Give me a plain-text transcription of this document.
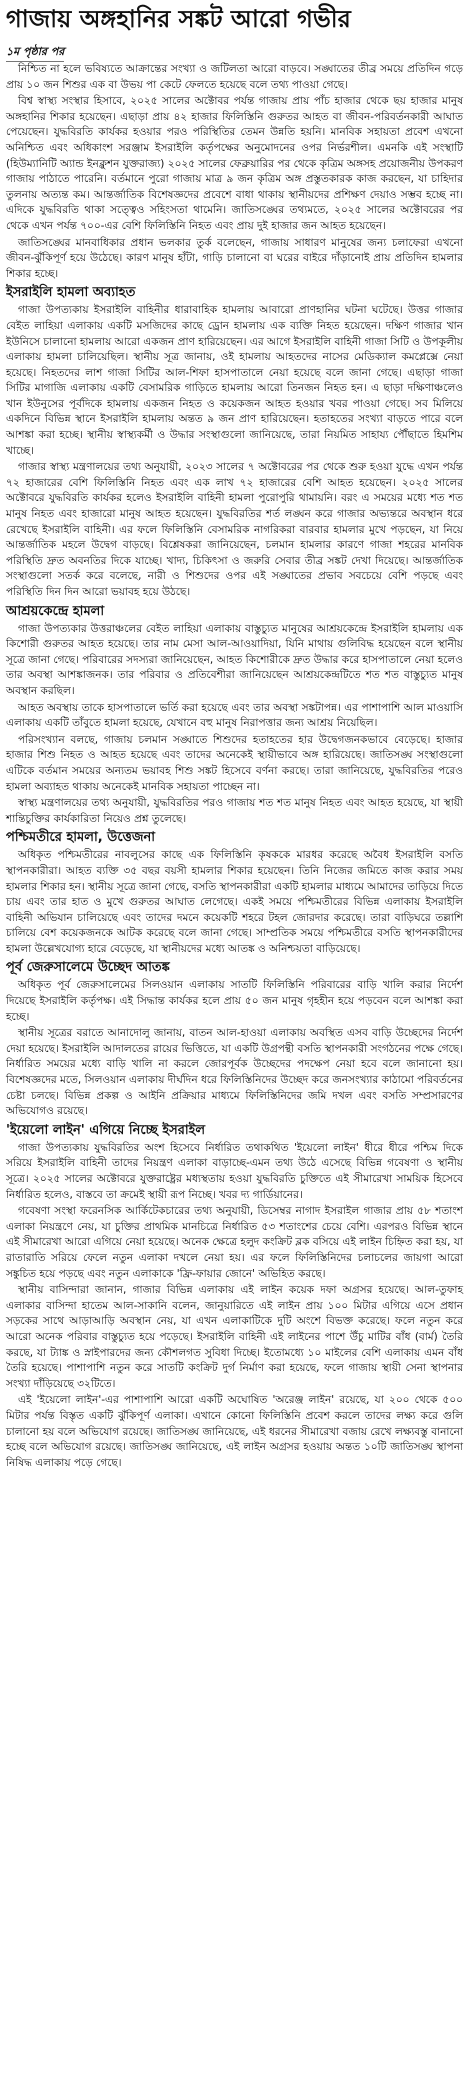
গাজায় অঙ্গহানির সঙ্কট আরো গভীর
১ম পৃষ্ঠার পর

নিশ্চিত না হলে ভবিষ্যতে আক্রান্তের সংখ্যা ও জটিলতা আরো বাড়বে। সঙ্ঘাতের তীব্র সময়ে প্রতিদিন গড়ে প্রায় ১০ জন শিশুর এক বা উভয় পা কেটে ফেলতে হয়েছে বলে তথ্য পাওয়া গেছে।

বিশ্ব স্বাস্থ্য সংস্থার হিসাবে, ২০২৫ সালের অক্টোবর পর্যন্ত গাজায় প্রায় পাঁচ হাজার থেকে ছয় হাজার মানুষ অঙ্গহানির শিকার হয়েছেন। এছাড়া প্রায় ৪২ হাজার ফিলিস্তিনি গুরুতর আহত বা জীবন-পরিবর্তনকারী আঘাত পেয়েছেন। যুদ্ধবিরতি কার্যকর হওয়ার পরও পরিস্থিতির তেমন উন্নতি হয়নি। মানবিক সহায়তা প্রবেশ এখনো অনিশ্চিত এবং অধিকাংশ সরঞ্জাম ইসরাইলি কর্তৃপক্ষের অনুমোদনের ওপর নির্ভরশীল। এমনকি এই সংস্থাটি (হিউম্যানিটি অ্যান্ড ইনক্লুশন যুক্তরাজ্য) ২০২৫ সালের ফেব্রুয়ারির পর থেকে কৃত্রিম অঙ্গসহ প্রয়োজনীয় উপকরণ গাজায় পাঠাতে পারেনি। বর্তমানে পুরো গাজায় মাত্র ৯ জন কৃত্রিম অঙ্গ প্রস্তুতকারক কাজ করছেন, যা চাহিদার তুলনায় অত্যন্ত কম। আন্তর্জাতিক বিশেষজ্ঞদের প্রবেশে বাধা থাকায় স্থানীয়দের প্রশিক্ষণ দেয়াও সম্ভব হচ্ছে না। এদিকে যুদ্ধবিরতি থাকা সত্ত্বেও সহিংসতা থামেনি। জাতিসঙ্ঘের তথ্যমতে, ২০২৫ সালের অক্টোবরের পর থেকে এখন পর্যন্ত ৭০০-এর বেশি ফিলিস্তিনি নিহত এবং প্রায় দুই হাজার জন আহত হয়েছেন।

জাতিসঙ্ঘের মানবাধিকার প্রধান ভলকার তুর্ক বলেছেন, গাজায় সাধারণ মানুষের জন্য চলাফেরা এখনো জীবন-ঝুঁকিপূর্ণ হয়ে উঠেছে। কারণ মানুষ হাঁটা, গাড়ি চালানো বা ঘরের বাইরে দাঁড়ানোই প্রায় প্রতিদিন হামলার শিকার হচ্ছে।

ইসরাইলি হামলা অব্যাহত

গাজা উপত্যকায় ইসরাইলি বাহিনীর ধারাবাহিক হামলায় আবারো প্রাণহানির ঘটনা ঘটেছে। উত্তর গাজার বেইত লাহিয়া এলাকায় একটি মসজিদের কাছে ড্রোন হামলায় এক ব্যক্তি নিহত হয়েছেন। দক্ষিণ গাজার খান ইউনিসে চালানো হামলায় আরো একজন প্রাণ হারিয়েছেন। এর আগে ইসরাইলি বাহিনী গাজা সিটি ও উপকূলীয় এলাকায় হামলা চালিয়েছিল। স্থানীয় সূত্র জানায়, ওই হামলায় আহতদের নাসের মেডিক্যাল কমপ্লেক্সে নেয়া হয়েছে। নিহতদের লাশ গাজা সিটির আল-শিফা হাসপাতালে নেয়া হয়েছে বলে জানা গেছে। এছাড়া গাজা সিটির মাগাজি এলাকায় একটি বেসামরিক গাড়িতে হামলায় আরো তিনজন নিহত হন। এ ছাড়া দক্ষিণাঞ্চলেও খান ইউনুসের পূর্বদিকে হামলায় একজন নিহত ও কয়েকজন আহত হওয়ার খবর পাওয়া গেছে। সব মিলিয়ে একদিনে বিভিন্ন স্থানে ইসরাইলি হামলায় অন্তত ৯ জন প্রাণ হারিয়েছেন। হতাহতের সংখ্যা বাড়তে পারে বলে আশঙ্কা করা হচ্ছে। স্থানীয় স্বাস্থ্যকর্মী ও উদ্ধার সংস্থাগুলো জানিয়েছে, তারা নিয়মিত সাহায্য পৌঁছাতে হিমশিম খাচ্ছে।

গাজার স্বাস্থ্য মন্ত্রণালয়ের তথ্য অনুযায়ী, ২০২৩ সালের ৭ অক্টোবরের পর থেকে শুরু হওয়া যুদ্ধে এখন পর্যন্ত ৭২ হাজারের বেশি ফিলিস্তিনি নিহত এবং এক লাখ ৭২ হাজারের বেশি আহত হয়েছেন। ২০২৫ সালের অক্টোবরে যুদ্ধবিরতি কার্যকর হলেও ইসরাইলি বাহিনী হামলা পুরোপুরি থামায়নি। বরং এ সময়ের মধ্যে শত শত মানুষ নিহত এবং হাজারো মানুষ আহত হয়েছেন। যুদ্ধবিরতির শর্ত লঙ্ঘন করে গাজার অভ্যন্তরে অবস্থান ধরে রেখেছে ইসরাইলি বাহিনী। এর ফলে ফিলিস্তিনি বেসামরিক নাগরিকরা বারবার হামলার মুখে পড়ছেন, যা নিয়ে আন্তর্জাতিক মহলে উদ্বেগ বাড়ছে। বিশ্লেষকরা জানিয়েছেন, চলমান হামলার কারণে গাজা শহরের মানবিক পরিস্থিতি দ্রুত অবনতির দিকে যাচ্ছে। খাদ্য, চিকিৎসা ও জরুরি সেবার তীব্র সঙ্কট দেখা দিয়েছে। আন্তর্জাতিক সংস্থাগুলো সতর্ক করে বলেছে, নারী ও শিশুদের ওপর এই সঙ্ঘাতের প্রভাব সবচেয়ে বেশি পড়ছে এবং পরিস্থিতি দিন দিন আরো ভয়াবহ হয়ে উঠছে।

আশ্রয়কেন্দ্রে হামলা

গাজা উপত্যকার উত্তরাঞ্চলের বেইত লাহিয়া এলাকায় বাস্তুচ্যুত মানুষের আশ্রয়কেন্দ্রে ইসরাইলি হামলায় এক কিশোরী গুরুতর আহত হয়েছে। তার নাম মেসা আল-আওয়াদিয়া, যিনি মাথায় গুলিবিদ্ধ হয়েছেন বলে স্থানীয় সূত্রে জানা গেছে। পরিবারের সদস্যরা জানিয়েছেন, আহত কিশোরীকে দ্রুত উদ্ধার করে হাসপাতালে নেয়া হলেও তার অবস্থা আশঙ্কাজনক। তার পরিবার ও প্রতিবেশীরা জানিয়েছেন আশ্রয়কেন্দ্রটিতে শত শত বাস্তুচ্যুত মানুষ অবস্থান করছিল।

আহত অবস্থায় তাকে হাসপাতালে ভর্তি করা হয়েছে এবং তার অবস্থা সঙ্কটাপন্ন। এর পাশাপাশি আল মাওয়াসি এলাকায় একটি তাঁবুতে হামলা হয়েছে, যেখানে বহু মানুষ নিরাপত্তার জন্য আশ্রয় নিয়েছিল।

পরিসংখ্যান বলছে, গাজায় চলমান সঙ্ঘাতে শিশুদের হতাহতের হার উদ্বেগজনকভাবে বেড়েছে। হাজার হাজার শিশু নিহত ও আহত হয়েছে এবং তাদের অনেকেই স্থায়ীভাবে অঙ্গ হারিয়েছে। জাতিসঙ্ঘ সংস্থাগুলো এটিকে বর্তমান সময়ের অন্যতম ভয়াবহ শিশু সঙ্কট হিসেবে বর্ণনা করছে। তারা জানিয়েছে, যুদ্ধবিরতির পরেও হামলা অব্যাহত থাকায় অনেকেই মানবিক সহায়তা পাচ্ছেন না।

স্বাস্থ্য মন্ত্রণালয়ের তথ্য অনুযায়ী, যুদ্ধবিরতির পরও গাজায় শত শত মানুষ নিহত এবং আহত হয়েছে, যা স্থায়ী শান্তিচুক্তির কার্যকারিতা নিয়েও প্রশ্ন তুলেছে।

পশ্চিমতীরে হামলা, উত্তেজনা

অধিকৃত পশ্চিমতীরের নাবলুসের কাছে এক ফিলিস্তিনি কৃষককে মারধর করেছে অবৈধ ইসরাইলি বসতি স্থাপনকারীরা। আহত ব্যক্তি ৩৫ বছর বয়সী হামলার শিকার হয়েছেন। তিনি নিজের জমিতে কাজ করার সময় হামলার শিকার হন। স্থানীয় সূত্রে জানা গেছে, বসতি স্থাপনকারীরা একটি হামলার মাধ্যমে আমাদের তাড়িয়ে দিতে চায় এবং তার হাত ও মুখে গুরুতর আঘাত লেগেছে। একই সময়ে পশ্চিমতীরের বিভিন্ন এলাকায় ইসরাইলি বাহিনী অভিযান চালিয়েছে এবং তাদের দমনে কয়েকটি শহরে টহল জোরদার করেছে। তারা বাড়িঘরে তল্লাশি চালিয়ে বেশ কয়েকজনকে আটক করেছে বলে জানা গেছে। সাম্প্রতিক সময়ে পশ্চিমতীরে বসতি স্থাপনকারীদের হামলা উল্লেখযোগ্য হারে বেড়েছে, যা স্থানীয়দের মধ্যে আতঙ্ক ও অনিশ্চয়তা বাড়িয়েছে।

পূর্ব জেরুসালেমে উচ্ছেদ আতঙ্ক

অধিকৃত পূর্ব জেরুসালেমের সিলওয়ান এলাকায় সাতটি ফিলিস্তিনি পরিবারের বাড়ি খালি করার নির্দেশ দিয়েছে ইসরাইলি কর্তৃপক্ষ। এই সিদ্ধান্ত কার্যকর হলে প্রায় ৫০ জন মানুষ গৃহহীন হয়ে পড়বেন বলে আশঙ্কা করা হচ্ছে।

স্থানীয় সূত্রের বরাতে আনাদোলু জানায়, বাতন আল-হাওয়া এলাকায় অবস্থিত এসব বাড়ি উচ্ছেদের নির্দেশ দেয়া হয়েছে। ইসরাইলি আদালতের রায়ের ভিত্তিতে, যা একটি উগ্রপন্থী বসতি স্থাপনকারী সংগঠনের পক্ষে গেছে। নির্ধারিত সময়ের মধ্যে বাড়ি খালি না করলে জোরপূর্বক উচ্ছেদের পদক্ষেপ নেয়া হবে বলে জানানো হয়। বিশেষজ্ঞদের মতে, সিলওয়ান এলাকায় দীর্ঘদিন ধরে ফিলিস্তিনিদের উচ্ছেদ করে জনসংখ্যার কাঠামো পরিবর্তনের চেষ্টা চলছে। বিভিন্ন প্রকল্প ও আইনি প্রক্রিয়ার মাধ্যমে ফিলিস্তিনিদের জমি দখল এবং বসতি সম্প্রসারণের অভিযোগও রয়েছে।

'ইয়েলো লাইন' এগিয়ে নিচ্ছে ইসরাইল

গাজা উপত্যকায় যুদ্ধবিরতির অংশ হিসেবে নির্ধারিত তথাকথিত 'ইয়েলো লাইন' ধীরে ধীরে পশ্চিম দিকে সরিয়ে ইসরাইলি বাহিনী তাদের নিয়ন্ত্রণ এলাকা বাড়াচ্ছে-এমন তথ্য উঠে এসেছে বিভিন্ন গবেষণা ও স্থানীয় সূত্রে। ২০২৫ সালের অক্টোবরে যুক্তরাষ্ট্রের মধ্যস্থতায় হওয়া যুদ্ধবিরতি চুক্তিতে এই সীমারেখা সাময়িক হিসেবে নির্ধারিত হলেও, বাস্তবে তা ক্রমেই স্থায়ী রূপ নিচ্ছে। খবর দ্য গার্ডিয়ানের।

গবেষণা সংস্থা ফরেনসিক আর্কিটেকচারের তথ্য অনুযায়ী, ডিসেম্বর নাগাদ ইসরাইল গাজার প্রায় ৫৮ শতাংশ এলাকা নিয়ন্ত্রণে নেয়, যা চুক্তির প্রাথমিক মানচিত্রে নির্ধারিত ৫৩ শতাংশের চেয়ে বেশি। এরপরও বিভিন্ন স্থানে এই সীমারেখা আরো এগিয়ে নেয়া হয়েছে। অনেক ক্ষেত্রে হলুদ কংক্রিট ব্লক বসিয়ে এই লাইন চিহ্নিত করা হয়, যা রাতারাতি সরিয়ে ফেলে নতুন এলাকা দখলে নেয়া হয়। এর ফলে ফিলিস্তিনিদের চলাচলের জায়গা আরো সঙ্কুচিত হয়ে পড়ছে এবং নতুন এলাকাকে 'ফ্রি-ফায়ার জোনে' অভিহিত করছে।

স্থানীয় বাসিন্দারা জানান, গাজার বিভিন্ন এলাকায় এই লাইন কয়েক দফা অগ্রসর হয়েছে। আল-তুফাহ এলাকার বাসিন্দা হাতেম আল-সাকানি বলেন, জানুয়ারিতে এই লাইন প্রায় ১০০ মিটার এগিয়ে এসে প্রধান সড়কের সাথে আড়াআড়ি অবস্থান নেয়, যা এখন এলাকাটিকে দুটি অংশে বিভক্ত করেছে। ফলে নতুন করে আরো অনেক পরিবার বাস্তুচ্যুত হয়ে পড়েছে। ইসরাইলি বাহিনী এই লাইনের পাশে উঁচু মাটির বাঁধ (বার্ম) তৈরি করছে, যা ট্যাঙ্ক ও স্নাইপারদের জন্য কৌশলগত সুবিধা দিচ্ছে। ইতোমধ্যে ১০ মাইলের বেশি এলাকায় এমন বাঁধ তৈরি হয়েছে। পাশাপাশি নতুন করে সাতটি কংক্রিট দুর্গ নির্মাণ করা হয়েছে, ফলে গাজায় স্থায়ী সেনা স্থাপনার সংখ্যা দাঁড়িয়েছে ৩২টিতে।

এই 'ইয়েলো লাইন'-এর পাশাপাশি আরো একটি অঘোষিত 'অরেঞ্জ লাইন' রয়েছে, যা ২০০ থেকে ৫০০ মিটার পর্যন্ত বিস্তৃত একটি ঝুঁকিপূর্ণ এলাকা। এখানে কোনো ফিলিস্তিনি প্রবেশ করলে তাদের লক্ষ্য করে গুলি চালানো হয় বলে অভিযোগ রয়েছে। জাতিসঙ্ঘ জানিয়েছে, এই ধরনের সীমারেখা বজায় রেখে লক্ষ্যবস্তু বানানো হচ্ছে বলে অভিযোগ রয়েছে। জাতিসঙ্ঘ জানিয়েছে, এই লাইন অগ্রসর হওয়ায় অন্তত ১০টি জাতিসঙ্ঘ স্থাপনা নিষিদ্ধ এলাকায় পড়ে গেছে।
